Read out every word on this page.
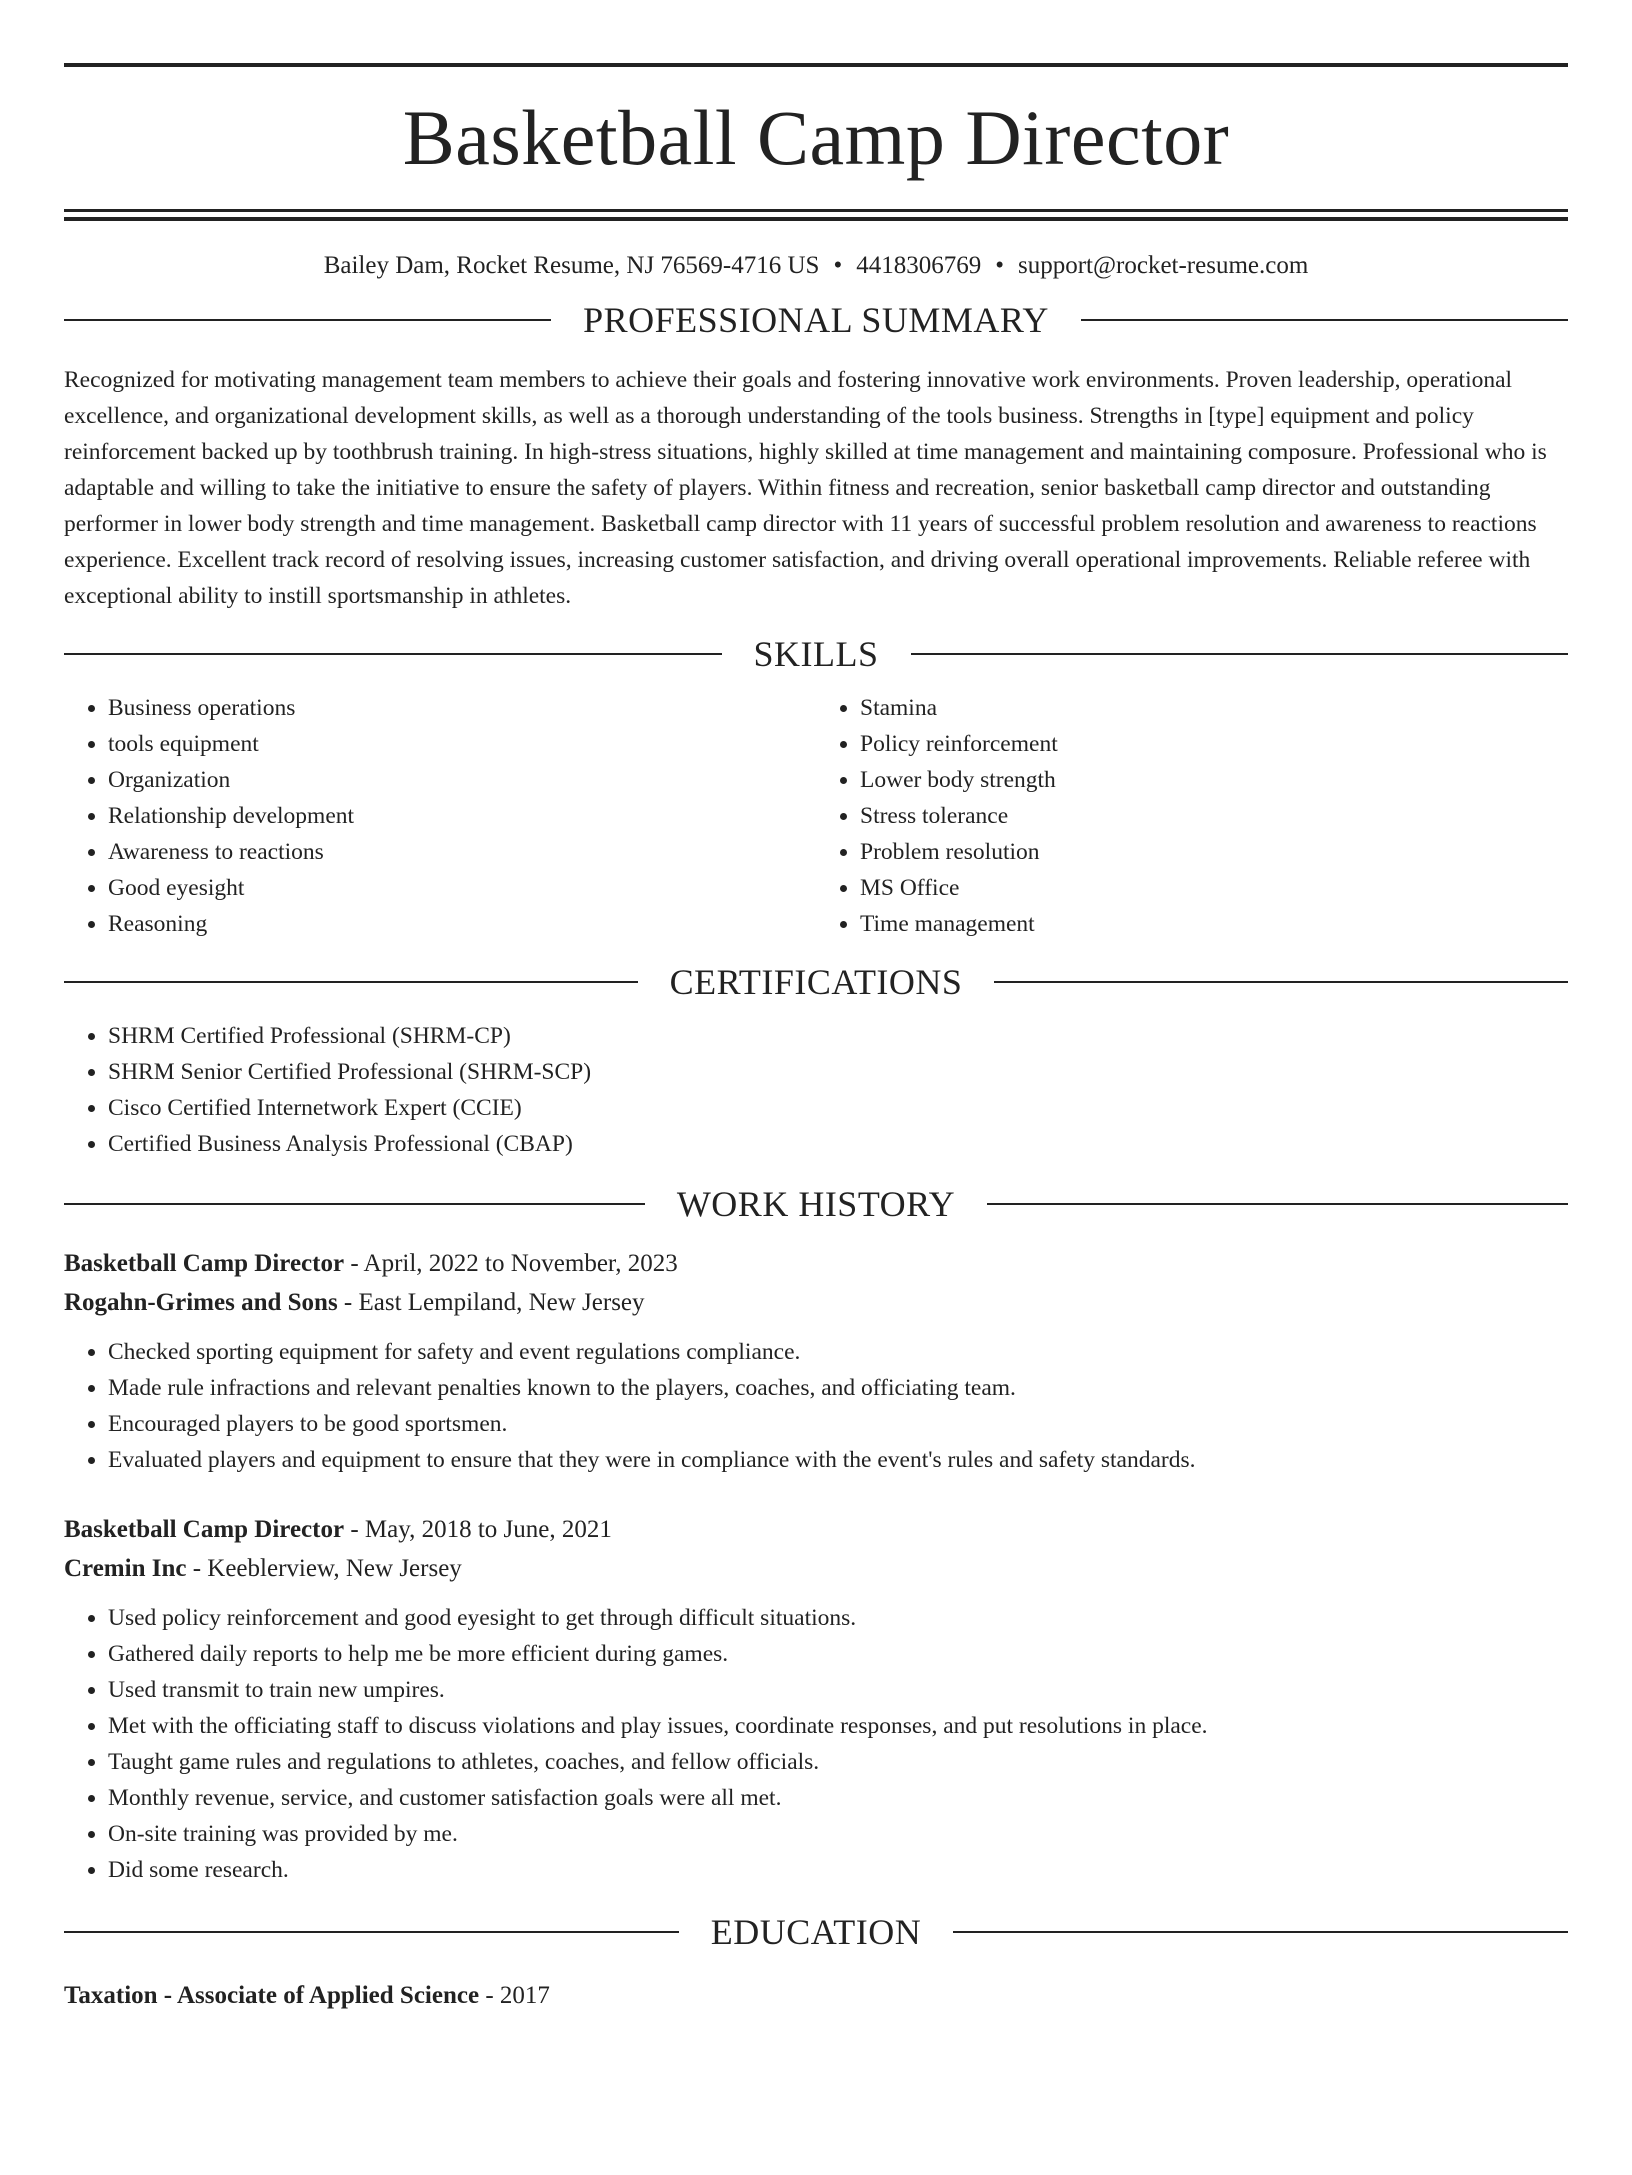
Basketball Camp Director
Bailey Dam, Rocket Resume, NJ 76569-4716 US • 4418306769 • support@rocket-resume.com
PROFESSIONAL SUMMARY

Recognized for motivating management team members to achieve their goals and fostering innovative work environments. Proven leadership, operational excellence, and organizational development skills, as well as a thorough understanding of the tools business. Strengths in [type] equipment and policy reinforcement backed up by toothbrush training. In high-stress situations, highly skilled at time management and maintaining composure. Professional who is adaptable and willing to take the initiative to ensure the safety of players. Within fitness and recreation, senior basketball camp director and outstanding performer in lower body strength and time management. Basketball camp director with 11 years of successful problem resolution and awareness to reactions experience. Excellent track record of resolving issues, increasing customer satisfaction, and driving overall operational improvements. Reliable referee with exceptional ability to instill sportsmanship in athletes.

SKILLS
• Business operations
• tools equipment
• Organization
• Relationship development
• Awareness to reactions
• Good eyesight
• Reasoning
• Stamina
• Policy reinforcement
• Lower body strength
• Stress tolerance
• Problem resolution
• MS Office
• Time management
CERTIFICATIONS
• SHRM Certified Professional (SHRM-CP)
• SHRM Senior Certified Professional (SHRM-SCP)
• Cisco Certified Internetwork Expert (CCIE)
• Certified Business Analysis Professional (CBAP)
WORK HISTORY
Basketball Camp Director - April, 2022 to November, 2023
Rogahn-Grimes and Sons - East Lempiland, New Jersey
• Checked sporting equipment for safety and event regulations compliance.
• Made rule infractions and relevant penalties known to the players, coaches, and officiating team.
• Encouraged players to be good sportsmen.
• Evaluated players and equipment to ensure that they were in compliance with the event's rules and safety standards.
Basketball Camp Director - May, 2018 to June, 2021
Cremin Inc - Keeblerview, New Jersey
• Used policy reinforcement and good eyesight to get through difficult situations.
• Gathered daily reports to help me be more efficient during games.
• Used transmit to train new umpires.
• Met with the officiating staff to discuss violations and play issues, coordinate responses, and put resolutions in place.
• Taught game rules and regulations to athletes, coaches, and fellow officials.
• Monthly revenue, service, and customer satisfaction goals were all met.
• On-site training was provided by me.
• Did some research.
EDUCATION
Taxation - Associate of Applied Science - 2017
